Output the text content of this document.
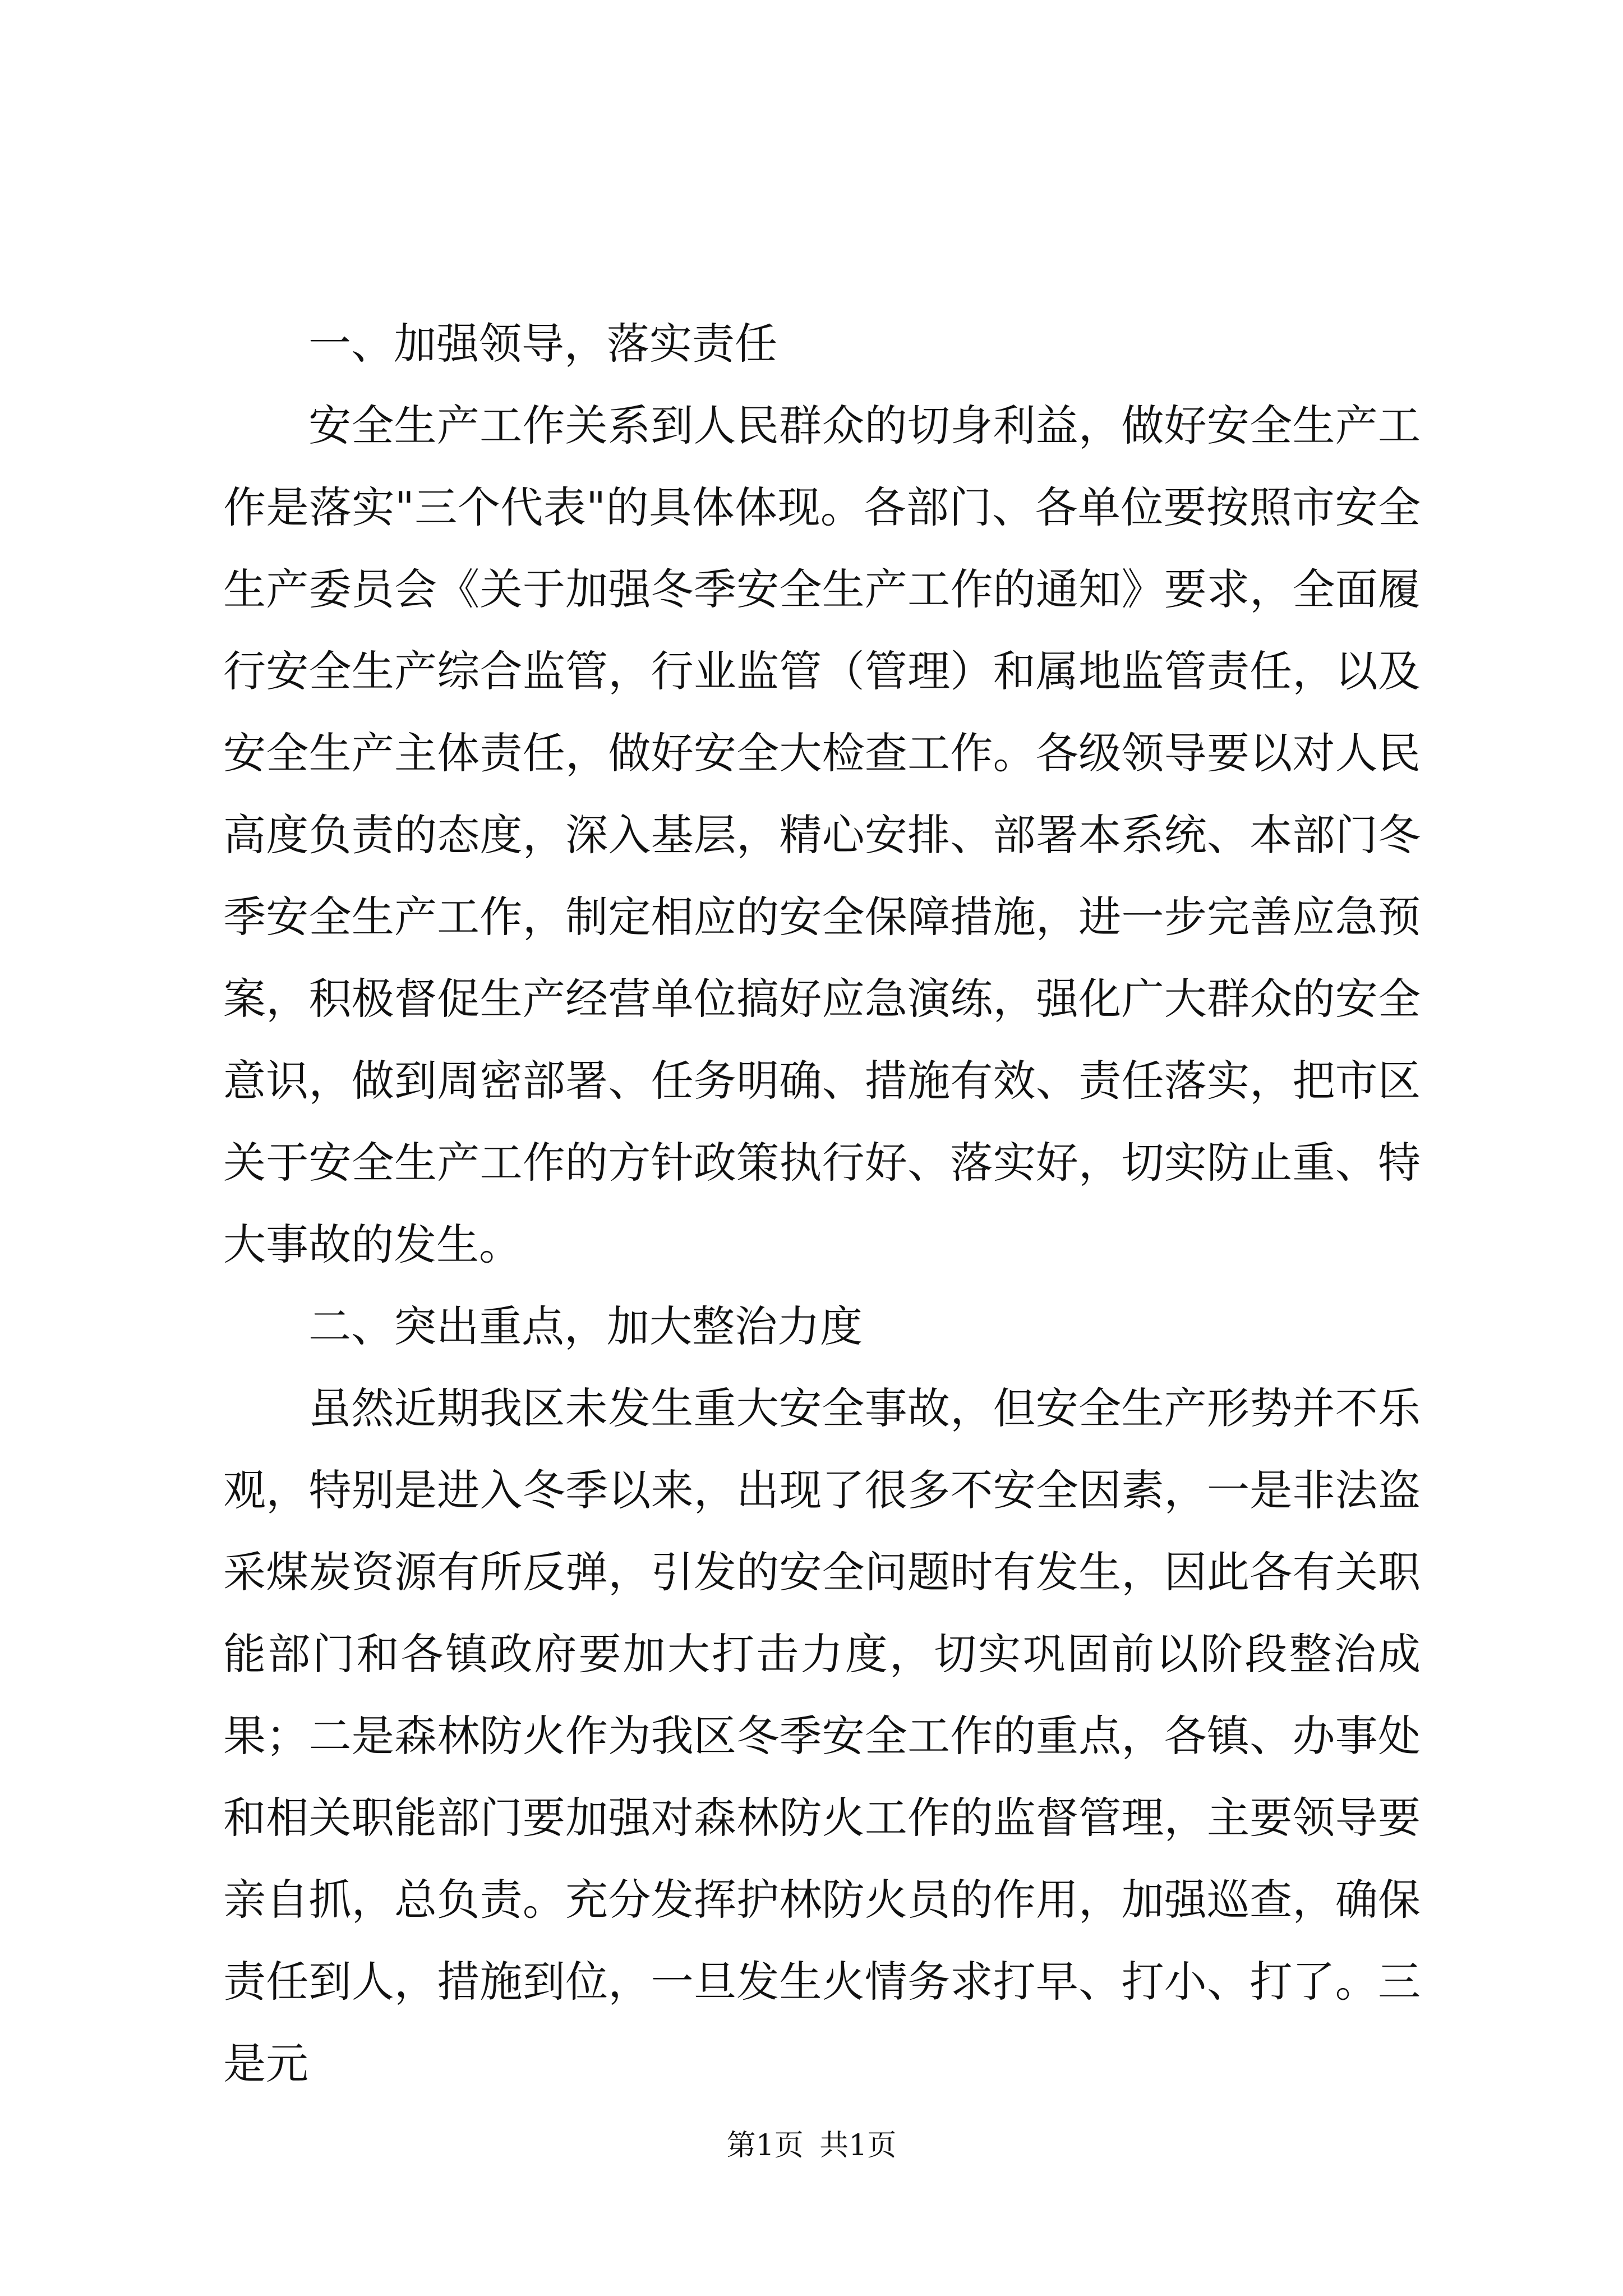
一、加强领导，落实责任

安全生产工作关系到人民群众的切身利益，做好安全生产工作是落实"三个代表"的具体体现。各部门、各单位要按照市安全生产委员会《关于加强冬季安全生产工作的通知》要求，全面履行安全生产综合监管，行业监管（管理）和属地监管责任，以及安全生产主体责任，做好安全大检查工作。各级领导要以对人民高度负责的态度，深入基层，精心安排、部署本系统、本部门冬季安全生产工作，制定相应的安全保障措施，进一步完善应急预案，积极督促生产经营单位搞好应急演练，强化广大群众的安全意识，做到周密部署、任务明确、措施有效、责任落实，把市区关于安全生产工作的方针政策执行好、落实好，切实防止重、特大事故的发生。

二、突出重点，加大整治力度

虽然近期我区未发生重大安全事故，但安全生产形势并不乐观，特别是进入冬季以来，出现了很多不安全因素，一是非法盗采煤炭资源有所反弹，引发的安全问题时有发生，因此各有关职能部门和各镇政府要加大打击力度，切实巩固前以阶段整治成果；二是森林防火作为我区冬季安全工作的重点，各镇、办事处和相关职能部门要加强对森林防火工作的监督管理，主要领导要亲自抓，总负责。充分发挥护林防火员的作用，加强巡查，确保责任到人，措施到位，一旦发生火情务求打早、打小、打了。三是元

第1页 共1页
